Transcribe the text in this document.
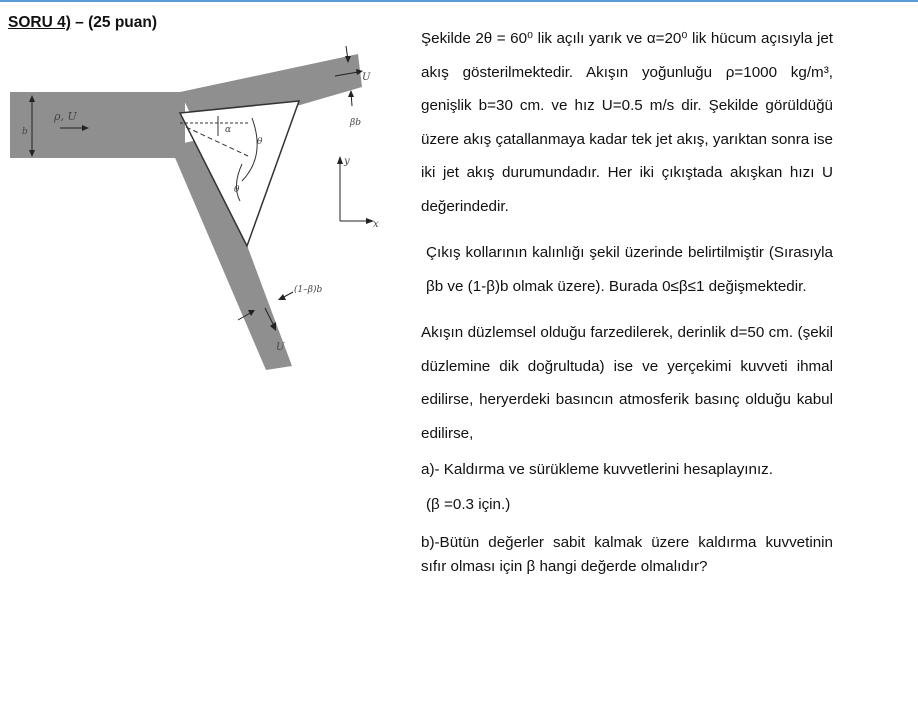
SORU 4) – (25 puan)
ρ, U
b	α
θ
θ
U
βb
y
x
(1–β)b
U

Şekilde 2θ = 60⁰ lik açılı yarık ve α=20⁰ lik hücum açısıyla jet akış gösterilmektedir. Akışın yoğunluğu ρ=1000 kg/m³, genişlik b=30 cm. ve hız U=0.5 m/s dir. Şekilde görüldüğü üzere akış çatallanmaya kadar tek jet akış, yarıktan sonra ise iki jet akış durumundadır. Her iki çıkıştada akışkan hızı U değerindedir.

Çıkış kollarının kalınlığı şekil üzerinde belirtilmiştir (Sırasıyla βb ve (1-β)b olmak üzere). Burada 0≤β≤1 değişmektedir.

Akışın düzlemsel olduğu farzedilerek, derinlik d=50 cm. (şekil düzlemine dik doğrultuda) ise ve yerçekimi kuvveti ihmal edilirse, heryerdeki basıncın atmosferik basınç olduğu kabul edilirse,

a)- Kaldırma ve sürükleme kuvvetlerini hesaplayınız.

(β =0.3 için.)

b)-Bütün değerler sabit kalmak üzere kaldırma kuvvetinin sıfır olması için β hangi değerde olmalıdır?
